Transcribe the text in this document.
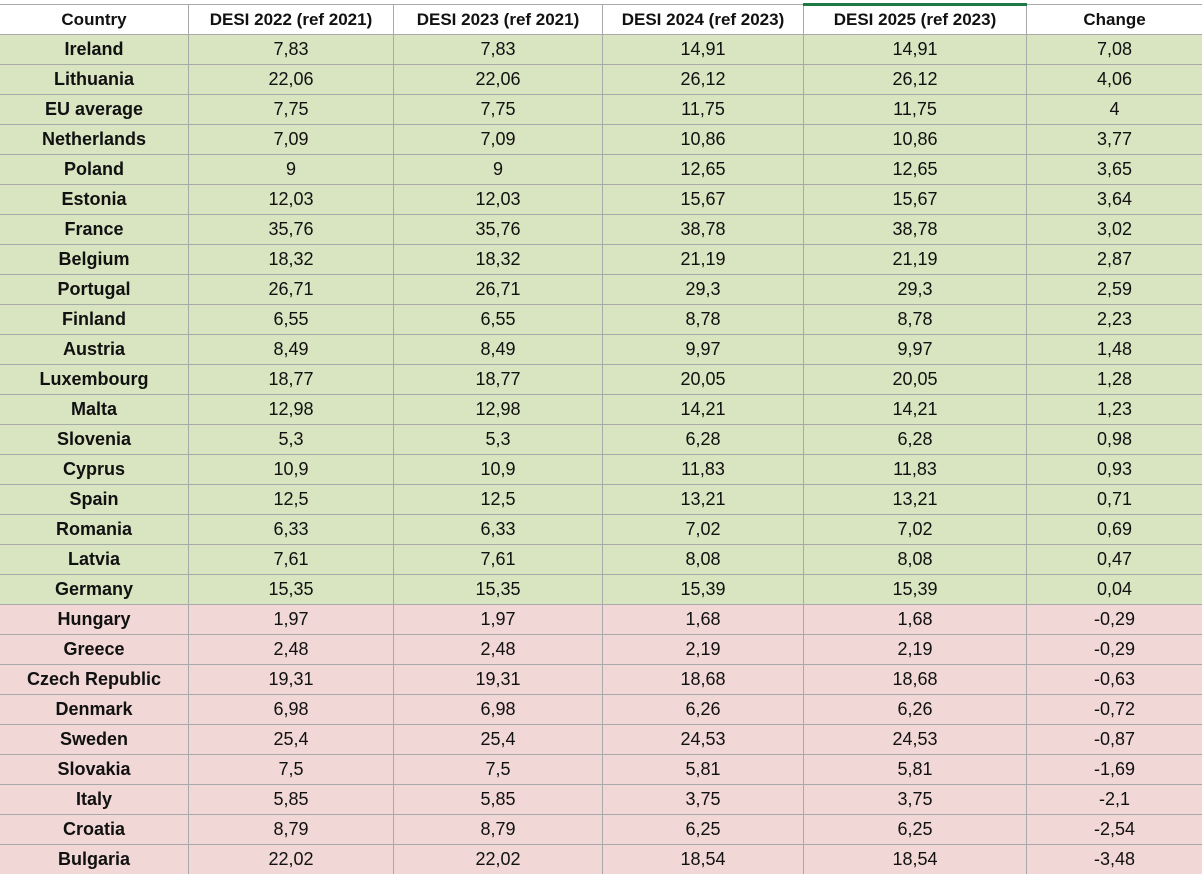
Country	DESI 2022 (ref 2021)	DESI 2023 (ref 2021)	DESI 2024 (ref 2023)	DESI 2025 (ref 2023)	Change
Ireland	7,83	7,83	14,91	14,91	7,08
Lithuania	22,06	22,06	26,12	26,12	4,06
EU average	7,75	7,75	11,75	11,75	4
Netherlands	7,09	7,09	10,86	10,86	3,77
Poland	9	9	12,65	12,65	3,65
Estonia	12,03	12,03	15,67	15,67	3,64
France	35,76	35,76	38,78	38,78	3,02
Belgium	18,32	18,32	21,19	21,19	2,87
Portugal	26,71	26,71	29,3	29,3	2,59
Finland	6,55	6,55	8,78	8,78	2,23
Austria	8,49	8,49	9,97	9,97	1,48
Luxembourg	18,77	18,77	20,05	20,05	1,28
Malta	12,98	12,98	14,21	14,21	1,23
Slovenia	5,3	5,3	6,28	6,28	0,98
Cyprus	10,9	10,9	11,83	11,83	0,93
Spain	12,5	12,5	13,21	13,21	0,71
Romania	6,33	6,33	7,02	7,02	0,69
Latvia	7,61	7,61	8,08	8,08	0,47
Germany	15,35	15,35	15,39	15,39	0,04
Hungary	1,97	1,97	1,68	1,68	-0,29
Greece	2,48	2,48	2,19	2,19	-0,29
Czech Republic	19,31	19,31	18,68	18,68	-0,63
Denmark	6,98	6,98	6,26	6,26	-0,72
Sweden	25,4	25,4	24,53	24,53	-0,87
Slovakia	7,5	7,5	5,81	5,81	-1,69
Italy	5,85	5,85	3,75	3,75	-2,1
Croatia	8,79	8,79	6,25	6,25	-2,54
Bulgaria	22,02	22,02	18,54	18,54	-3,48
